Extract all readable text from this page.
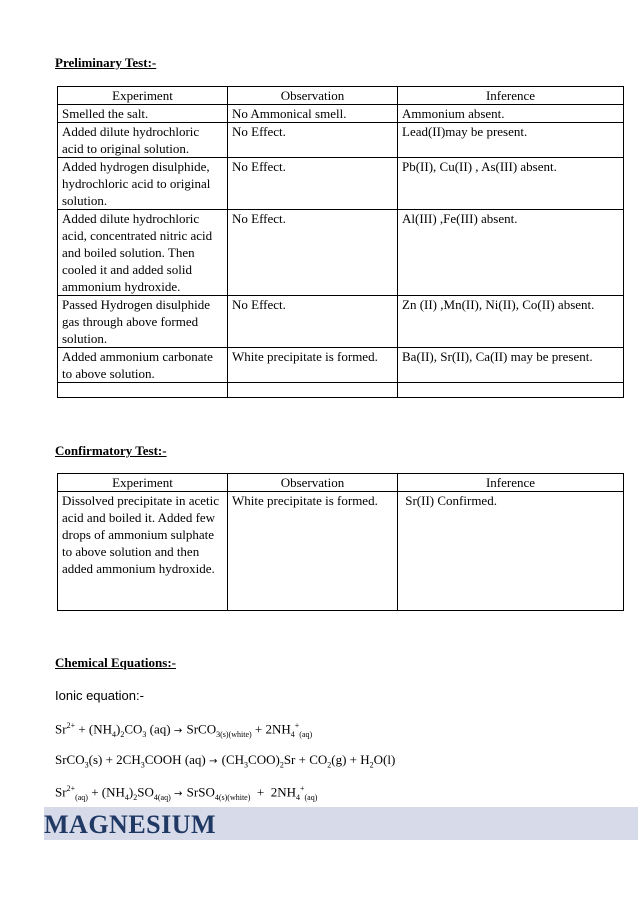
Preliminary Test:-
Experiment	Observation	Inference
Smelled the salt.	No Ammonical smell.	Ammonium absent.
Added dilute hydrochloric acid to original solution.	No Effect.	Lead(II)may be present.
Added hydrogen disulphide, hydrochloric acid to original solution.	No Effect.	Pb(II), Cu(II) , As(III) absent.
Added dilute hydrochloric acid, concentrated nitric acid and boiled solution. Then cooled it and added solid ammonium hydroxide.	No Effect.	Al(III) ,Fe(III) absent.
Passed Hydrogen disulphide gas through above formed solution.	No Effect.	Zn (II) ,Mn(II), Ni(II), Co(II) absent.
Added ammonium carbonate to above solution.	White precipitate is formed.	Ba(II), Sr(II), Ca(II) may be present.

Confirmatory Test:-
Experiment	Observation	Inference
Dissolved precipitate in acetic acid and boiled it. Added few drops of ammonium sulphate to above solution and then added ammonium hydroxide.	White precipitate is formed.	Sr(II) Confirmed.
Chemical Equations:-
Ionic equation:-
$Sr^{2+} + (NH_4)_2CO_3$ (aq) → SrCO$_{3(s)(white)}$ + $2NH_4^+_{(aq)}$
SrCO$_3$(s) + $2CH_3COOH$ $(aq) \to (CH_3COO)_2Sr + CO_2(g) + H_2O(l)$
$Sr^{2+}_{(aq)} + (NH_4)_2SO_{4(aq)}$ → SrSO$_{4(s)(white)}$  +  $2NH_4^+_{(aq)}$
MAGNESIUM
